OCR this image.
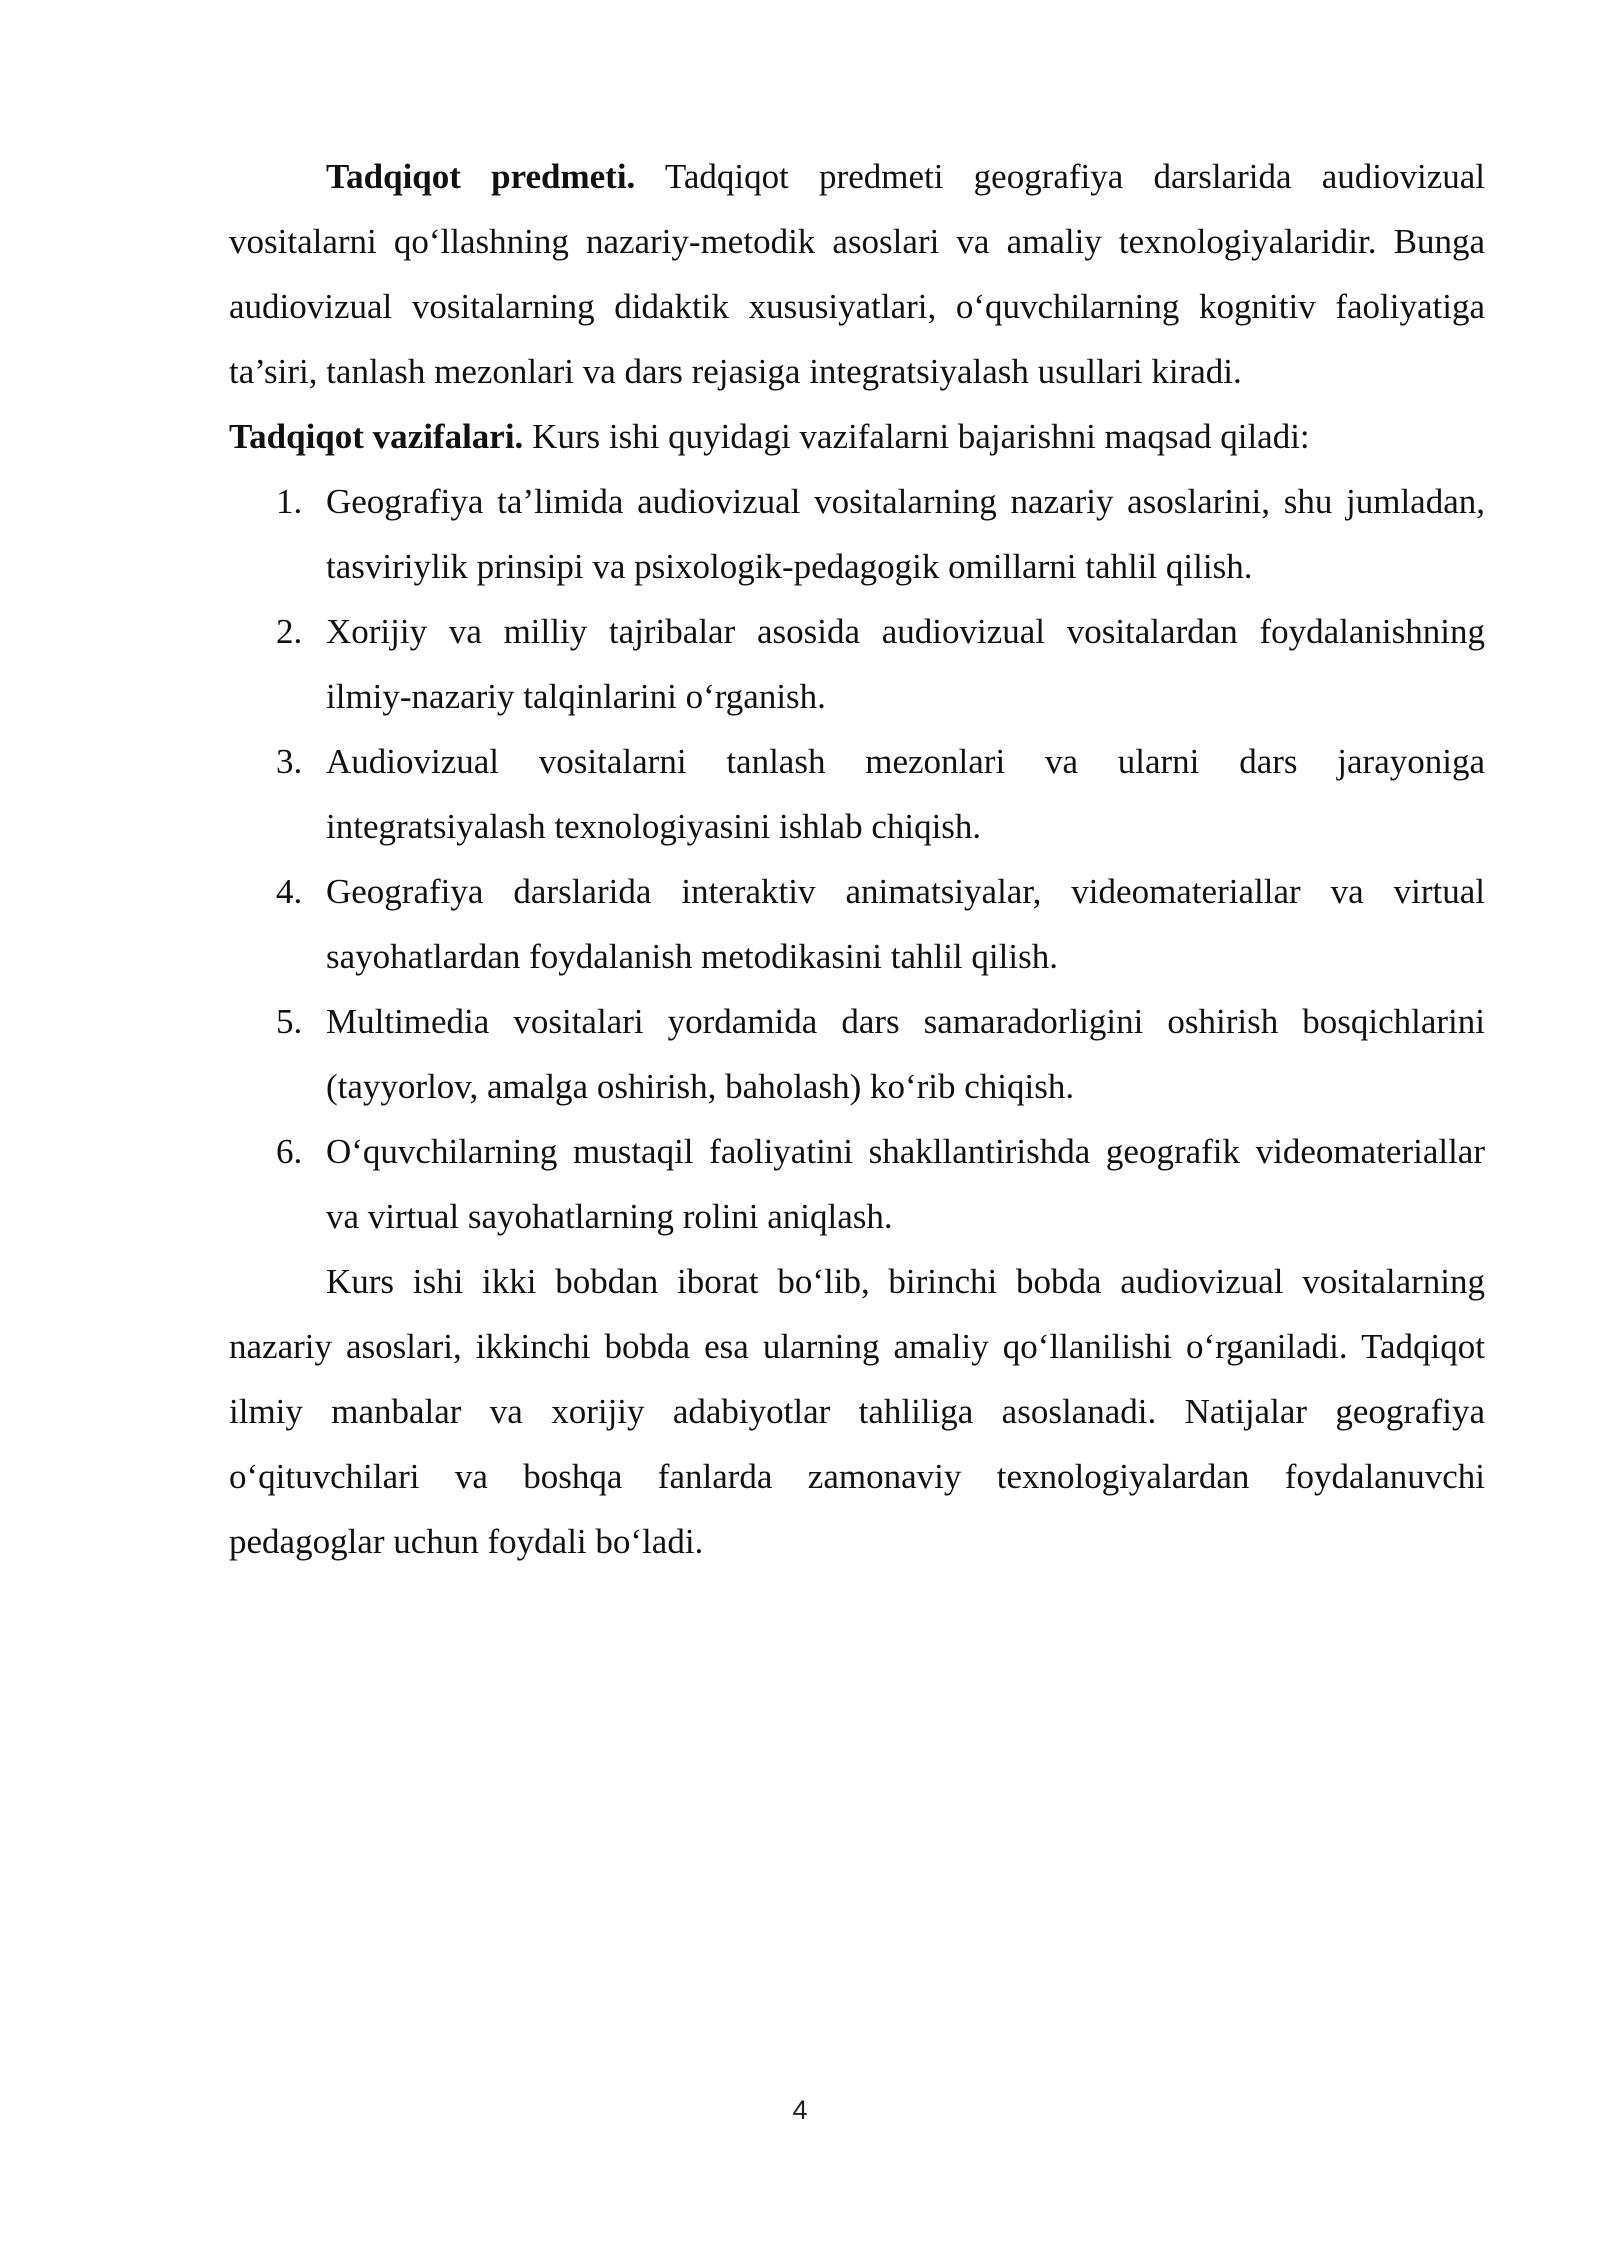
Tadqiqot predmeti. Tadqiqot predmeti geografiya darslarida audiovizual vositalarni qo‘llashning nazariy-metodik asoslari va amaliy texnologiyalaridir. Bunga audiovizual vositalarning didaktik xususiyatlari, o‘quvchilarning kognitiv faoliyatiga ta’siri, tanlash mezonlari va dars rejasiga integratsiyalash usullari kiradi.

Tadqiqot vazifalari. Kurs ishi quyidagi vazifalarni bajarishni maqsad qiladi:

1. Geografiya ta’limida audiovizual vositalarning nazariy asoslarini, shu jumladan, tasviriylik prinsipi va psixologik-pedagogik omillarni tahlil qilish.
2. Xorijiy va milliy tajribalar asosida audiovizual vositalardan foydalanishning ilmiy-nazariy talqinlarini o‘rganish.
3. Audiovizual vositalarni tanlash mezonlari va ularni dars jarayoniga integratsiyalash texnologiyasini ishlab chiqish.
4. Geografiya darslarida interaktiv animatsiyalar, videomateriallar va virtual sayohatlardan foydalanish metodikasini tahlil qilish.
5. Multimedia vositalari yordamida dars samaradorligini oshirish bosqichlarini (tayyorlov, amalga oshirish, baholash) ko‘rib chiqish.
6. O‘quvchilarning mustaqil faoliyatini shakllantirishda geografik videomateriallar va virtual sayohatlarning rolini aniqlash.

Kurs ishi ikki bobdan iborat bo‘lib, birinchi bobda audiovizual vositalarning nazariy asoslari, ikkinchi bobda esa ularning amaliy qo‘llanilishi o‘rganiladi. Tadqiqot ilmiy manbalar va xorijiy adabiyotlar tahliliga asoslanadi. Natijalar geografiya o‘qituvchilari va boshqa fanlarda zamonaviy texnologiyalardan foydalanuvchi pedagoglar uchun foydali bo‘ladi.

4
